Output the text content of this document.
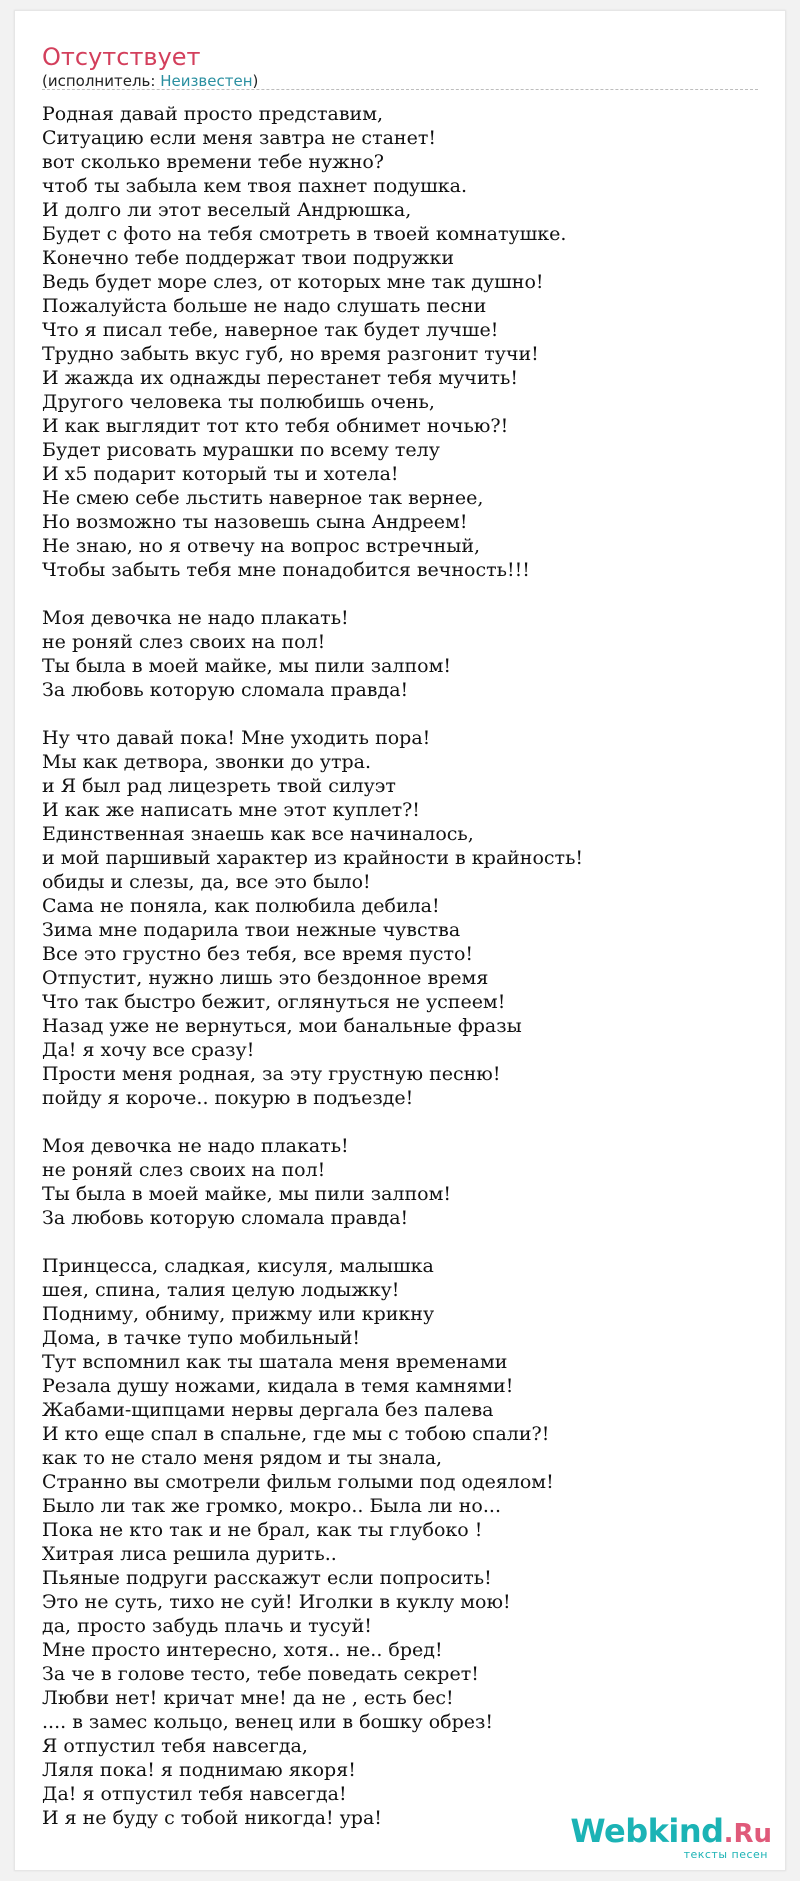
Отсутствует

(исполнитель: Неизвестен)

Родная давай просто представим,
Ситуацию если меня завтра не станет!
вот сколько времени тебе нужно?
чтоб ты забыла кем твоя пахнет подушка.
И долго ли этот веселый Андрюшка,
Будет с фото на тебя смотреть в твоей комнатушке.
Конечно тебе поддержат твои подружки
Ведь будет море слез, от которых мне так душно!
Пожалуйста больше не надо слушать песни
Что я писал тебе, наверное так будет лучше!
Трудно забыть вкус губ, но время разгонит тучи!
И жажда их однажды перестанет тебя мучить!
Другого человека ты полюбишь очень,
И как выглядит тот кто тебя обнимет ночью?!
Будет рисовать мурашки по всему телу
И х5 подарит который ты и хотела!
Не смею себе льстить наверное так вернее,
Но возможно ты назовешь сына Андреем!
Не знаю, но я отвечу на вопрос встречный,
Чтобы забыть тебя мне понадобится вечность!!!

Моя девочка не надо плакать!
не роняй слез своих на пол!
Ты была в моей майке, мы пили залпом!
За любовь которую сломала правда!

Ну что давай пока! Мне уходить пора!
Мы как детвора, звонки до утра.
и Я был рад лицезреть твой силуэт
И как же написать мне этот куплет?!
Единственная знаешь как все начиналось,
и мой паршивый характер из крайности в крайность!
обиды и слезы, да, все это было!
Сама не поняла, как полюбила дебила!
Зима мне подарила твои нежные чувства
Все это грустно без тебя, все время пусто!
Отпустит, нужно лишь это бездонное время
Что так быстро бежит, оглянуться не успеем!
Назад уже не вернуться, мои банальные фразы
Да! я хочу все сразу!
Прости меня родная, за эту грустную песню!
пойду я короче.. покурю в подъезде!

Моя девочка не надо плакать!
не роняй слез своих на пол!
Ты была в моей майке, мы пили залпом!
За любовь которую сломала правда!

Принцесса, сладкая, кисуля, малышка
шея, спина, талия целую лодыжку!
Подниму, обниму, прижму или крикну
Дома, в тачке тупо мобильный!
Тут вспомнил как ты шатала меня временами
Резала душу ножами, кидала в темя камнями!
Жабами-щипцами нервы дергала без палева
И кто еще спал в спальне, где мы с тобою спали?!
как то не стало меня рядом и ты знала,
Странно вы смотрели фильм голыми под одеялом!
Было ли так же громко, мокро.. Была ли но...
Пока не кто так и не брал, как ты глубоко !
Хитрая лиса решила дурить..
Пьяные подруги расскажут если попросить!
Это не суть, тихо не суй! Иголки в куклу мою!
да, просто забудь плачь и тусуй!
Мне просто интересно, хотя.. не.. бред!
За че в голове тесто, тебе поведать секрет!
Любви нет! кричат мне! да не , есть бес!
.... в замес кольцо, венец или в бошку обрез!
Я отпустил тебя навсегда,
Ляля пока! я поднимаю якоря!
Да! я отпустил тебя навсегда!
И я не буду с тобой никогда! ура!	Webkind.Ru
тексты песен
